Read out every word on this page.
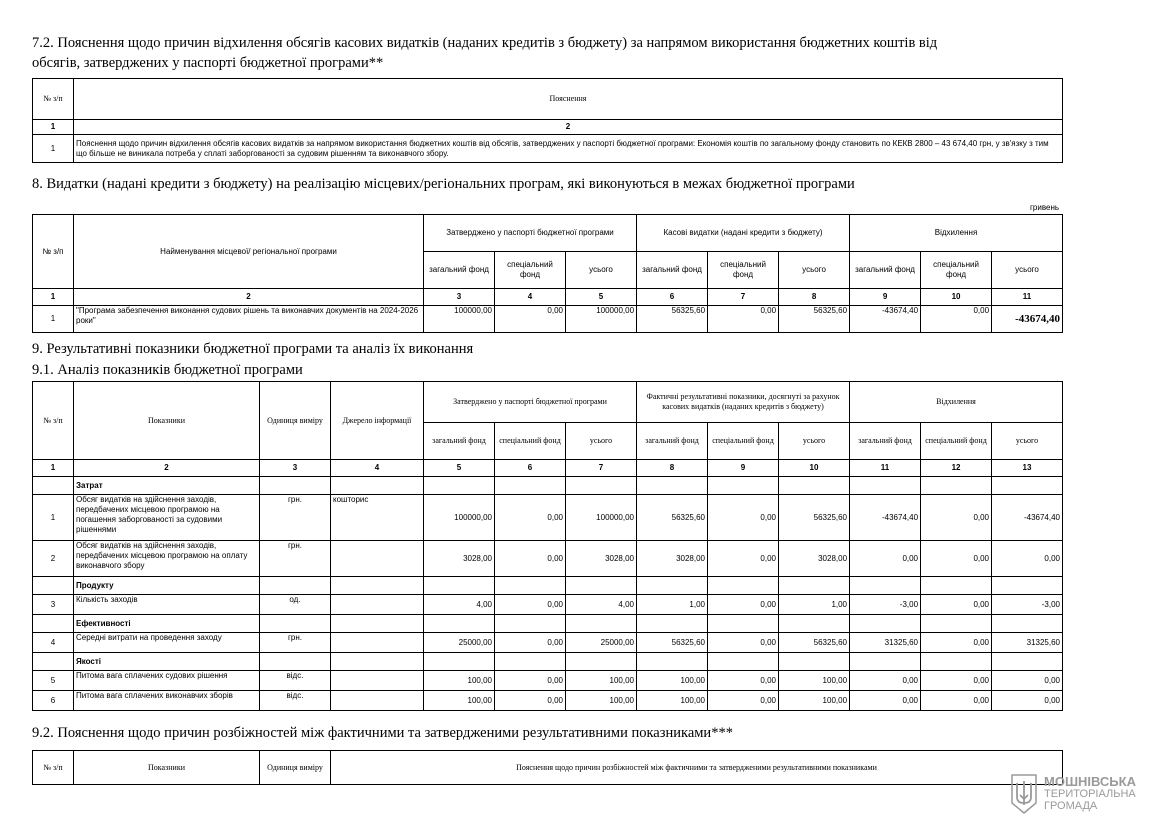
7.2. Пояснення щодо причин відхилення обсягів касових видатків (наданих кредитів з бюджету) за напрямом використання бюджетних коштів від
обсягів, затверджених у паспорті бюджетної програми**
№ з/п	Пояснення
1	2
1	Пояснення щодо причин відхилення обсягів касових видатків за напрямом використання бюджетних коштів від обсягів, затверджених у паспорті бюджетної програми: Економія коштів по загальному фонду становить по КЕКВ 2800 – 43 674,40 грн, у зв'язку з тим що більше не виникала потреба у сплаті заборгованості за судовим рішенням та виконавчого збору.
8. Видатки (надані кредити з бюджету) на реалізацію місцевих/регіональних програм, які виконуються в межах бюджетної програми
гривень
№ з/п	Найменування місцевої/ регіональної програми	Затверджено у паспорті бюджетної програми			Касові видатки (надані кредити з бюджету)			Відхилення		
		загальний фонд	спеціальний фонд	усього	загальний фонд	спеціальний фонд	усього	загальний фонд	спеціальний фонд	усього
1	2	3	4	5	6	7	8	9	10	11
1	"Програма забезпечення виконання судових рішень та виконавчих документів на 2024-2026 роки"	100000,00	0,00	100000,00	56325,60	0,00	56325,60	-43674,40	0,00	-43674,40
9. Результативні показники бюджетної програми та аналіз їх виконання
9.1. Аналіз показників бюджетної програми
№ з/п	Показники	Одиниця виміру	Джерело інформації	Затверджено у паспорті бюджетної програми			Фактичні результативні показники, досягнуті за рахунок касових видатків (наданих кредитів з бюджету)			Відхилення		
				загальний фонд	спеціальний фонд	усього	загальний фонд	спеціальний фонд	усього	загальний фонд	спеціальний фонд	усього
1	2	3	4	5	6	7	8	9	10	11	12	13
	Затрат											
1	Обсяг видатків на здійснення заходів, передбачених місцевою програмою на погашення заборгованості за судовими рішеннями	грн.	кошторис	100000,00	0,00	100000,00	56325,60	0,00	56325,60	-43674,40	0,00	-43674,40
2	Обсяг видатків на здійснення заходів, передбачених місцевою програмою на оплату виконавчого збору	грн.		3028,00	0,00	3028,00	3028,00	0,00	3028,00	0,00	0,00	0,00
	Продукту											
3	Кількість заходів	од.		4,00	0,00	4,00	1,00	0,00	1,00	-3,00	0,00	-3,00
	Ефективності											
4	Середні витрати на проведення заходу	грн.		25000,00	0,00	25000,00	56325,60	0,00	56325,60	31325,60	0,00	31325,60
	Якості											
5	Питома вага сплачених судових рішення	відс.		100,00	0,00	100,00	100,00	0,00	100,00	0,00	0,00	0,00
6	Питома вага сплачених виконавчих зборів	відс.		100,00	0,00	100,00	100,00	0,00	100,00	0,00	0,00	0,00
9.2. Пояснення щодо причин розбіжностей між фактичними та затвердженими результативними показниками***
№ з/п	Показники	Одиниця виміру	Пояснення щодо причин розбіжностей між фактичними та затвердженими результативними показниками
МОШНІВСЬКА
ТЕРИТОРІАЛЬНА
ГРОМАДА
